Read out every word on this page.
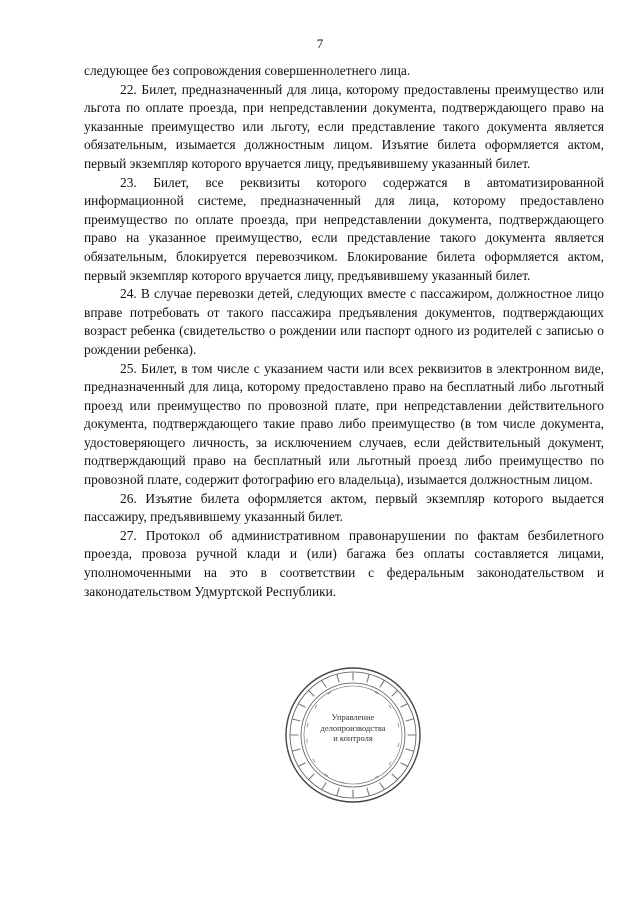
7

следующее без сопровождения совершеннолетнего лица.

22. Билет, предназначенный для лица, которому предоставлены преимущество или льгота по оплате проезда, при непредставлении документа, подтверждающего право на указанные преимущество или льготу, если представление такого документа является обязательным, изымается должностным лицом. Изъятие билета оформляется актом, первый экземпляр которого вручается лицу, предъявившему указанный билет.

23. Билет, все реквизиты которого содержатся в автоматизированной информационной системе, предназначенный для лица, которому предоставлено преимущество по оплате проезда, при непредставлении документа, подтверждающего право на указанное преимущество, если представление такого документа является обязательным, блокируется перевозчиком. Блокирование билета оформляется актом, первый экземпляр которого вручается лицу, предъявившему указанный билет.

24. В случае перевозки детей, следующих вместе с пассажиром, должностное лицо вправе потребовать от такого пассажира предъявления документов, подтверждающих возраст ребенка (свидетельство о рождении или паспорт одного из родителей с записью о рождении ребенка).

25. Билет, в том числе с указанием части или всех реквизитов в электронном виде, предназначенный для лица, которому предоставлено право на бесплатный либо льготный проезд или преимущество по провозной плате, при непредставлении действительного документа, подтверждающего такие право либо преимущество (в том числе документа, удостоверяющего личность, за исключением случаев, если действительный документ, подтверждающий право на бесплатный или льготный проезд либо преимущество по провозной плате, содержит фотографию его владельца), изымается должностным лицом.

26. Изъятие билета оформляется актом, первый экземпляр которого выдается пассажиру, предъявившему указанный билет.

27. Протокол об административном правонарушении по фактам безбилетного проезда, провоза ручной клади и (или) багажа без оплаты составляется лицами, уполномоченными на это в соответствии с федеральным законодательством и законодательством Удмуртской Республики.

Управление
делопроизводства
и контроля
